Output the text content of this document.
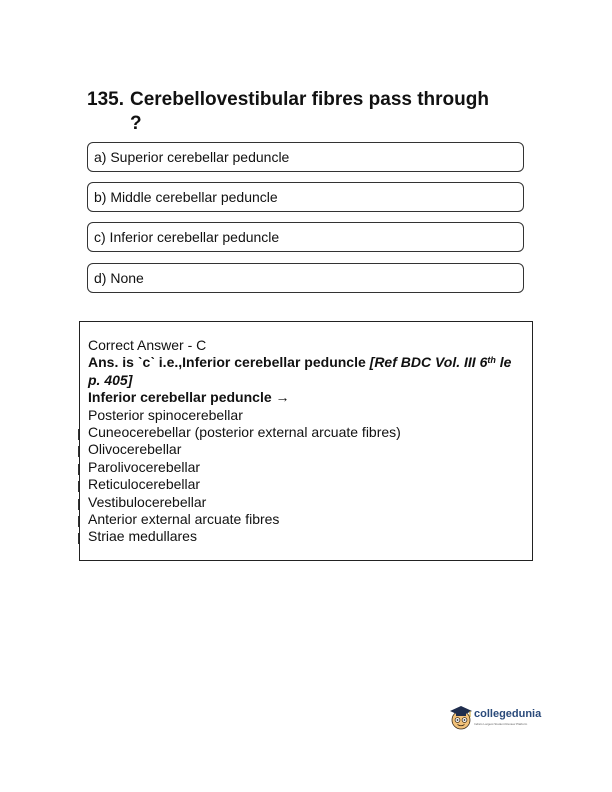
135. Cerebellovestibular fibres pass through
?
a) Superior cerebellar peduncle
b) Middle cerebellar peduncle
c) Inferior cerebellar peduncle
d) None
Correct Answer - C
Ans. is ˋcˋ i.e.,Inferior cerebellar peduncle [Ref BDC Vol. III 6th le
p. 405]
Inferior cerebellar peduncle →
Posterior spinocerebellar
Cuneocerebellar (posterior external arcuate fibres)
Olivocerebellar
Parolivocerebellar
Reticulocerebellar
Vestibulocerebellar
Anterior external arcuate fibres
Striae medullares
collegedunia
India's Largest Student Review Platform
